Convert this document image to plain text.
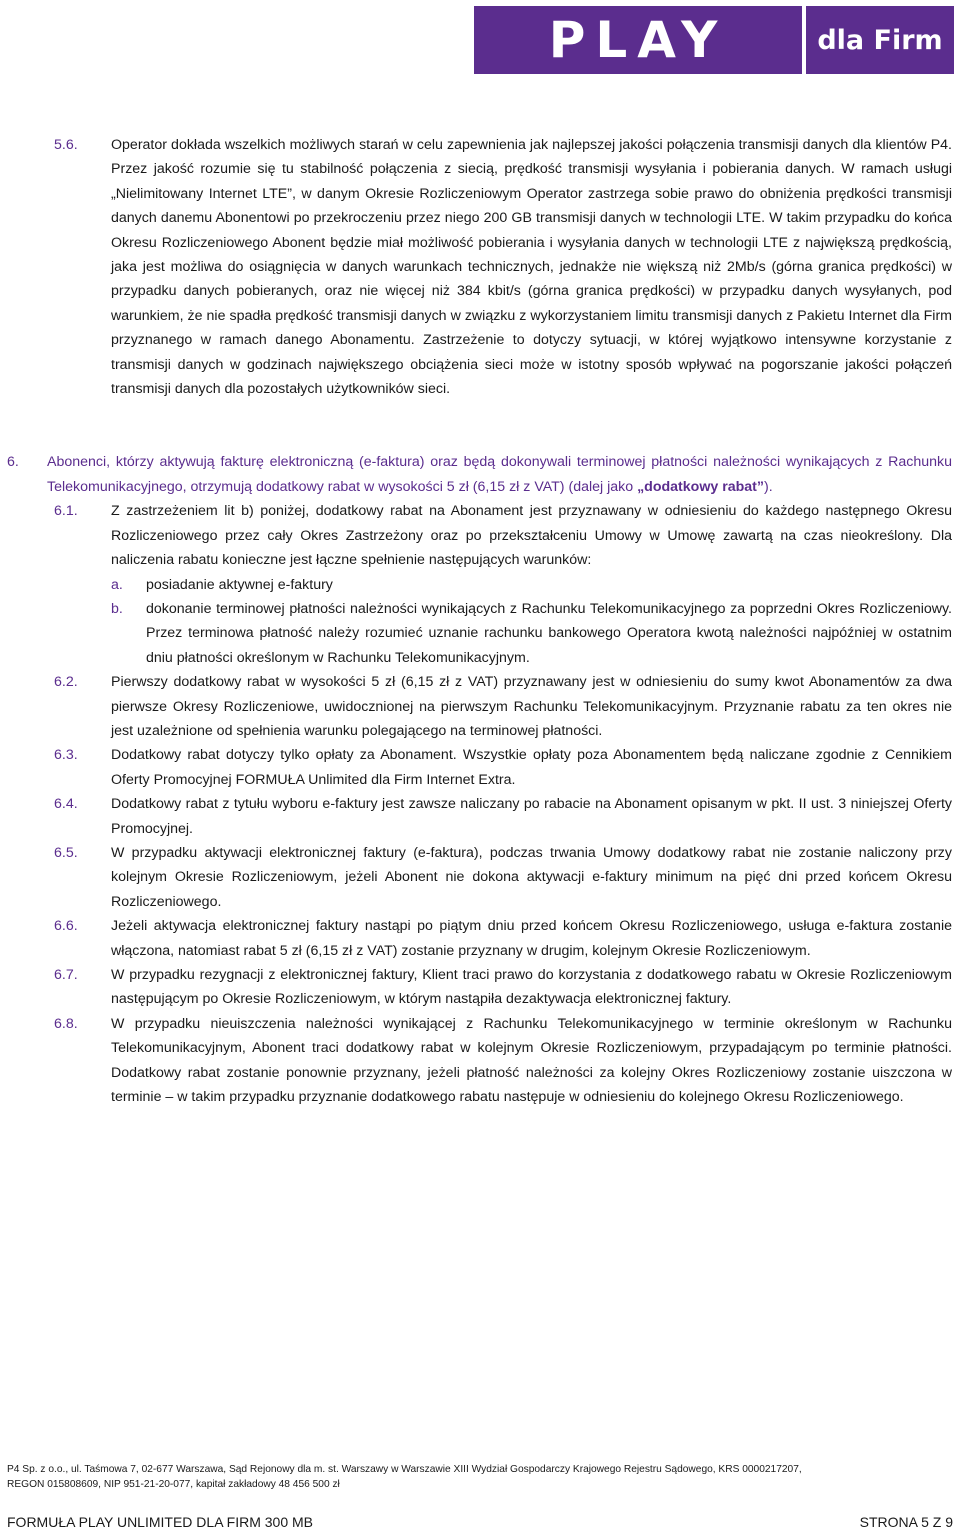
PLAY	dla Firm
5.6.	Operator dokłada wszelkich możliwych starań w celu zapewnienia jak najlepszej jakości połączenia transmisji danych dla klientów P4. Przez jakość rozumie się tu stabilność połączenia z siecią, prędkość transmisji wysyłania i pobierania danych. W ramach usługi „Nielimitowany Internet LTE”, w danym Okresie Rozliczeniowym Operator zastrzega sobie prawo do obniżenia prędkości transmisji danych danemu Abonentowi po przekroczeniu przez niego 200 GB transmisji danych w technologii LTE. W takim przypadku do końca Okresu Rozliczeniowego Abonent będzie miał możliwość pobierania i wysyłania danych w technologii LTE z największą prędkością, jaka jest możliwa do osiągnięcia w danych warunkach technicznych, jednakże nie większą niż 2Mb/s (górna granica prędkości) w przypadku danych pobieranych, oraz nie więcej niż 384 kbit/s (górna granica prędkości) w przypadku danych wysyłanych, pod warunkiem, że nie spadła prędkość transmisji danych w związku z wykorzystaniem limitu transmisji danych z Pakietu Internet dla Firm przyznanego w ramach danego Abonamentu. Zastrzeżenie to dotyczy sytuacji, w której wyjątkowo intensywne korzystanie z transmisji danych w godzinach największego obciążenia sieci może w istotny sposób wpływać na pogorszanie jakości połączeń transmisji danych dla pozostałych użytkowników sieci.
6.	Abonenci, którzy aktywują fakturę elektroniczną (e-faktura) oraz będą dokonywali terminowej płatności należności wynikających z Rachunku Telekomunikacyjnego, otrzymują dodatkowy rabat w wysokości 5 zł (6,15 zł z VAT) (dalej jako „dodatkowy rabat”).
6.1.	Z zastrzeżeniem lit b) poniżej, dodatkowy rabat na Abonament jest przyznawany w odniesieniu do każdego następnego Okresu Rozliczeniowego przez cały Okres Zastrzeżony oraz po przekształceniu Umowy w Umowę zawartą na czas nieokreślony. Dla naliczenia rabatu konieczne jest łączne spełnienie następujących warunków:
a.	posiadanie aktywnej e-faktury
b.	dokonanie terminowej płatności należności wynikających z Rachunku Telekomunikacyjnego za poprzedni Okres Rozliczeniowy. Przez terminowa płatność należy rozumieć uznanie rachunku bankowego Operatora kwotą należności najpóźniej w ostatnim dniu płatności określonym w Rachunku Telekomunikacyjnym.
6.2.	Pierwszy dodatkowy rabat w wysokości 5 zł (6,15 zł z VAT) przyznawany jest w odniesieniu do sumy kwot Abonamentów za dwa pierwsze Okresy Rozliczeniowe, uwidocznionej na pierwszym Rachunku Telekomunikacyjnym. Przyznanie rabatu za ten okres nie jest uzależnione od spełnienia warunku polegającego na terminowej płatności.
6.3.	Dodatkowy rabat dotyczy tylko opłaty za Abonament. Wszystkie opłaty poza Abonamentem będą naliczane zgodnie z Cennikiem Oferty Promocyjnej FORMUŁA Unlimited dla Firm Internet Extra.
6.4.	Dodatkowy rabat z tytułu wyboru e-faktury jest zawsze naliczany po rabacie na Abonament opisanym w pkt. II ust. 3 niniejszej Oferty Promocyjnej.
6.5.	W przypadku aktywacji elektronicznej faktury (e-faktura), podczas trwania Umowy dodatkowy rabat nie zostanie naliczony przy kolejnym Okresie Rozliczeniowym, jeżeli Abonent nie dokona aktywacji e-faktury minimum na pięć dni przed końcem Okresu Rozliczeniowego.
6.6.	Jeżeli aktywacja elektronicznej faktury nastąpi po piątym dniu przed końcem Okresu Rozliczeniowego, usługa e-faktura zostanie włączona, natomiast rabat 5 zł (6,15 zł z VAT) zostanie przyznany w drugim, kolejnym Okresie Rozliczeniowym.
6.7.	W przypadku rezygnacji z elektronicznej faktury, Klient traci prawo do korzystania z dodatkowego rabatu w Okresie Rozliczeniowym następującym po Okresie Rozliczeniowym, w którym nastąpiła dezaktywacja elektronicznej faktury.
6.8.	W przypadku nieuiszczenia należności wynikającej z Rachunku Telekomunikacyjnego w terminie określonym w Rachunku Telekomunikacyjnym, Abonent traci dodatkowy rabat w kolejnym Okresie Rozliczeniowym, przypadającym po terminie płatności. Dodatkowy rabat zostanie ponownie przyznany, jeżeli płatność należności za kolejny Okres Rozliczeniowy zostanie uiszczona w terminie – w takim przypadku przyznanie dodatkowego rabatu następuje w odniesieniu do kolejnego Okresu Rozliczeniowego.
P4 Sp. z o.o., ul. Taśmowa 7, 02-677 Warszawa, Sąd Rejonowy dla m. st. Warszawy w Warszawie XIII Wydział Gospodarczy Krajowego Rejestru Sądowego, KRS 0000217207,
REGON 015808609, NIP 951-21-20-077, kapitał zakładowy 48 456 500 zł
FORMUŁA PLAY UNLIMITED DLA FIRM 300 MB	STRONA 5 Z 9
